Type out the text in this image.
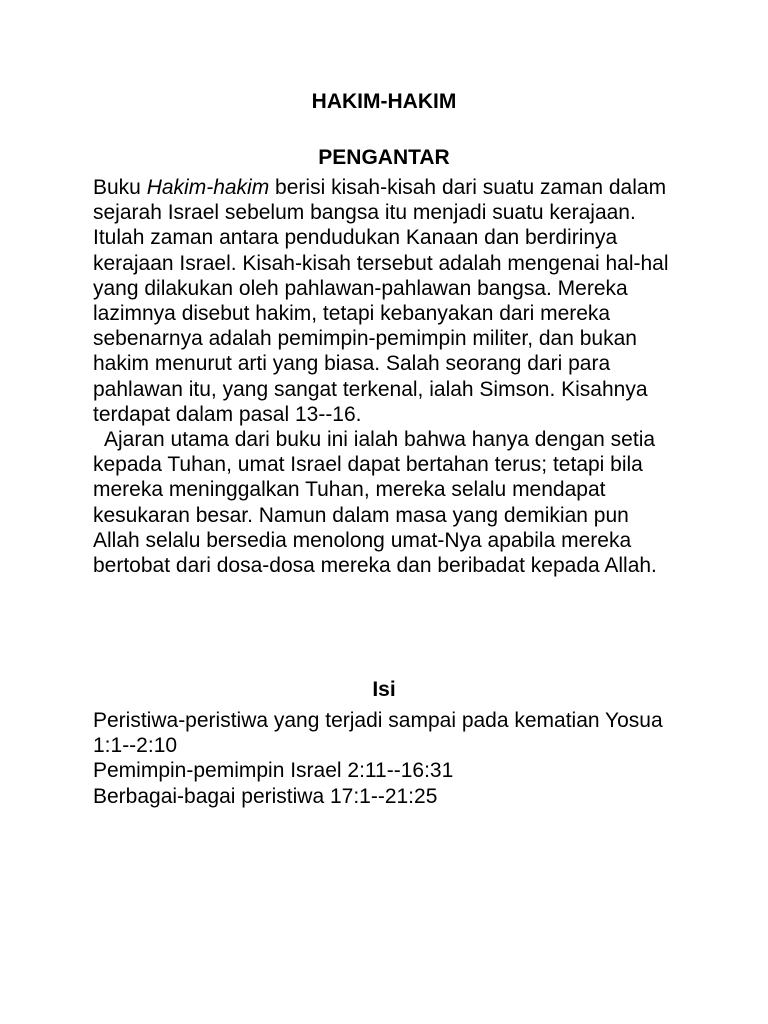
HAKIM-HAKIM
PENGANTAR

Buku Hakim-hakim berisi kisah-kisah dari suatu zaman dalam sejarah Israel sebelum bangsa itu menjadi suatu kerajaan. Itulah zaman antara pendudukan Kanaan dan berdirinya kerajaan Israel. Kisah-kisah tersebut adalah mengenai hal-hal yang dilakukan oleh pahlawan-pahlawan bangsa. Mereka lazimnya disebut hakim, tetapi kebanyakan dari mereka sebenarnya adalah pemimpin-pemimpin militer, dan bukan hakim menurut arti yang biasa. Salah seorang dari para pahlawan itu, yang sangat terkenal, ialah Simson. Kisahnya terdapat dalam pasal 13--16.

Ajaran utama dari buku ini ialah bahwa hanya dengan setia kepada Tuhan, umat Israel dapat bertahan terus; tetapi bila mereka meninggalkan Tuhan, mereka selalu mendapat kesukaran besar. Namun dalam masa yang demikian pun Allah selalu bersedia menolong umat-Nya apabila mereka bertobat dari dosa-dosa mereka dan beribadat kepada Allah.

Isi
Peristiwa-peristiwa yang terjadi sampai pada kematian Yosua 1:1--2:10
Pemimpin-pemimpin Israel 2:11--16:31
Berbagai-bagai peristiwa 17:1--21:25
